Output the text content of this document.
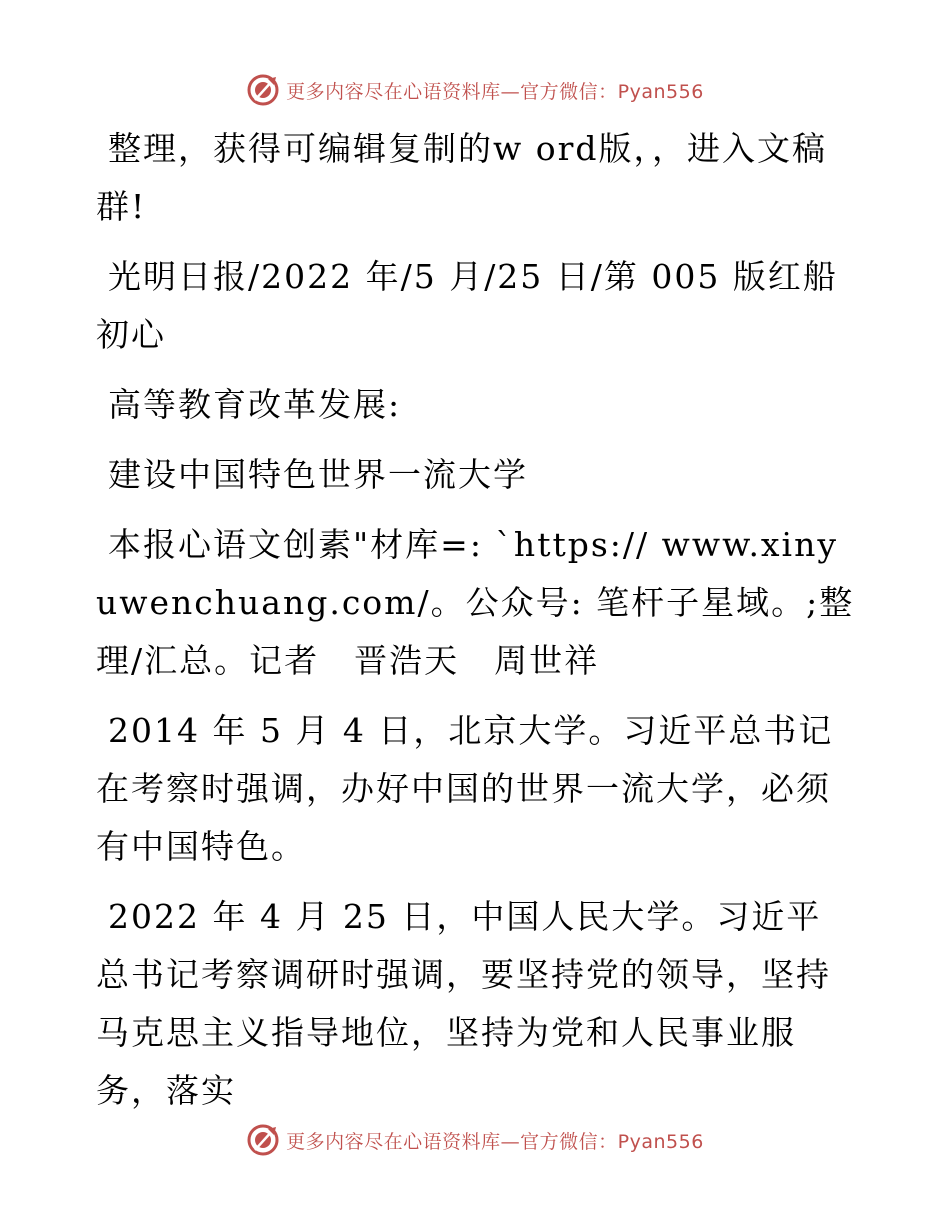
更多内容尽在心语资料库—官方微信：Pyan556

整理，获得可编辑复制的w ord版，，进入文稿群!

光明日报/2022 年/5 月/25 日/第 005 版红船初心

高等教育改革发展:

建设中国特色世界一流大学

本报心语文创素"材库=: `https:// www.xinyuwenchuang.com/。公众号: 笔杆子星域。;整理/汇总。记者　晋浩天　周世祥

2014 年 5 月 4 日，北京大学。习近平总书记在考察时强调，办好中国的世界一流大学，必须有中国特色。

2022 年 4 月 25 日，中国人民大学。习近平总书记考察调研时强调，要坚持党的领导，坚持马克思主义指导地位，坚持为党和人民事业服务，落实

更多内容尽在心语资料库—官方微信：Pyan556
